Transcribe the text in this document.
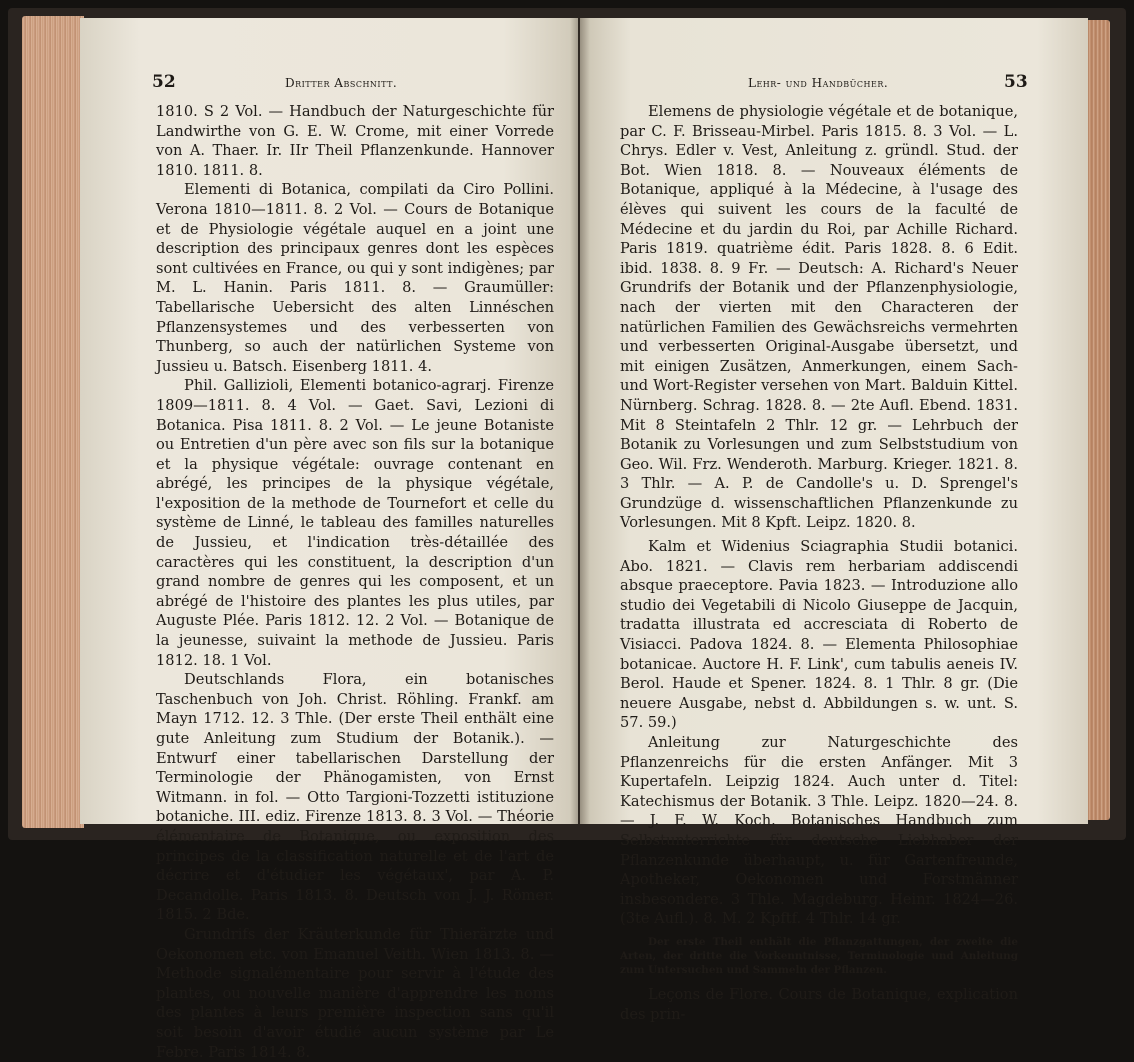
52	Dritter Abschnitt.

1810. S 2 Vol. — Handbuch der Naturgeschichte für Landwirthe von G. E. W. Crome, mit einer Vorrede von A. Thaer. Ir. IIr Theil Pflanzenkunde. Hannover 1810. 1811. 8.

Elementi di Botanica, compilati da Ciro Pollini. Verona 1810—1811. 8. 2 Vol. — Cours de Botanique et de Physiologie végétale auquel en a joint une description des principaux genres dont les espèces sont cultivées en France, ou qui y sont indigènes; par M. L. Hanin. Paris 1811. 8. — Graumüller: Tabellarische Uebersicht des alten Linnéschen Pflanzensystemes und des verbesserten von Thunberg, so auch der natürlichen Systeme von Jussieu u. Batsch. Eisenberg 1811. 4.

Phil. Gallizioli, Elementi botanico-agrarj. Firenze 1809—1811. 8. 4 Vol. — Gaet. Savi, Lezioni di Botanica. Pisa 1811. 8. 2 Vol. — Le jeune Botaniste ou Entretien d'un père avec son fils sur la botanique et la physique végétale: ouvrage contenant en abrégé, les principes de la physique végétale, l'exposition de la methode de Tournefort et celle du système de Linné, le tableau des familles naturelles de Jussieu, et l'indication très-détaillée des caractères qui les constituent, la description d'un grand nombre de genres qui les composent, et un abrégé de l'histoire des plantes les plus utiles, par Auguste Plée. Paris 1812. 12. 2 Vol. — Botanique de la jeunesse, suivaint la methode de Jussieu. Paris 1812. 18. 1 Vol.

Deutschlands Flora, ein botanisches Taschenbuch von Joh. Christ. Röhling. Frankf. am Mayn 1712. 12. 3 Thle. (Der erste Theil enthält eine gute Anleitung zum Studium der Botanik.). — Entwurf einer tabellarischen Darstellung der Terminologie der Phänogamisten, von Ernst Witmann. in fol. — Otto Targioni-Tozzetti istituzione botaniche. III. ediz. Firenze 1813. 8. 3 Vol. — Théorie élémentaire de Botanique, ou exposition des principes de la classification naturelle et de l'art de décrire et d'étudier les végétaux', par A. P. Decandolle. Paris 1813. 8. Deutsch von J. J. Römer. 1815. 2 Bde.

Grundrifs der Kräuterkunde für Thierärzte und Oekonomen etc. von Emanuel Veith. Wien 1813. 8. — Methode signalémentaire pour servir à l'étude des plantes, ou nouvelle manière d'apprendre les noms des plantes à leurs première inspection sans qu'il soit besoin d'avoir étudié aucun système par Le Febre. Paris 1814. 8.

Lehr- und Handbücher.	53

Elemens de physiologie végétale et de botanique, par C. F. Brisseau-Mirbel. Paris 1815. 8. 3 Vol. — L. Chrys. Edler v. Vest, Anleitung z. gründl. Stud. der Bot. Wien 1818. 8. — Nouveaux éléments de Botanique, appliqué à la Médecine, à l'usage des élèves qui suivent les cours de la faculté de Médecine et du jardin du Roi, par Achille Richard. Paris 1819. quatrième édit. Paris 1828. 8. 6 Edit. ibid. 1838. 8. 9 Fr. — Deutsch: A. Richard's Neuer Grundrifs der Botanik und der Pflanzenphysiologie, nach der vierten mit den Characteren der natürlichen Familien des Gewächsreichs vermehrten und verbesserten Original-Ausgabe übersetzt, und mit einigen Zusätzen, Anmerkungen, einem Sach- und Wort-Register versehen von Mart. Balduin Kittel. Nürnberg. Schrag. 1828. 8. — 2te Aufl. Ebend. 1831. Mit 8 Steintafeln 2 Thlr. 12 gr. — Lehrbuch der Botanik zu Vorlesungen und zum Selbststudium von Geo. Wil. Frz. Wenderoth. Marburg. Krieger. 1821. 8. 3 Thlr. — A. P. de Candolle's u. D. Sprengel's Grundzüge d. wissenschaftlichen Pflanzenkunde zu Vorlesungen. Mit 8 Kpft. Leipz. 1820. 8.

Kalm et Widenius Sciagraphia Studii botanici. Abo. 1821. — Clavis rem herbariam addiscendi absque praeceptore. Pavia 1823. — Introduzione allo studio dei Vegetabili di Nicolo Giuseppe de Jacquin, tradatta illustrata ed accresciata di Roberto de Visiacci. Padova 1824. 8. — Elementa Philosophiae botanicae. Auctore H. F. Link', cum tabulis aeneis IV. Berol. Haude et Spener. 1824. 8. 1 Thlr. 8 gr. (Die neuere Ausgabe, nebst d. Abbildungen s. w. unt. S. 57. 59.)

Anleitung zur Naturgeschichte des Pflanzenreichs für die ersten Anfänger. Mit 3 Kupertafeln. Leipzig 1824. Auch unter d. Titel: Katechismus der Botanik. 3 Thle. Leipz. 1820—24. 8. — J. F. W. Koch. Botanisches Handbuch zum Selbstunterrichte für deutsche Liebhaber der Pflanzenkunde überhaupt, u. für Gartenfreunde, Apotheker, Oekonomen und Forstmänner insbesondere. 3 Thle. Magdeburg. Heinr. 1824—26. (3te Aufl.). 8. M. 2 Kpftf. 4 Thlr. 14 gr.

Der erste Theil enthält die Pflanzgattungen, der zweite die Arten, der dritte die Vorkenntnisse, Terminologie und Anleitung zum Untersuchen und Sammeln der Pflanzen.

Leçons de Flore. Cours de Botanique, explication des prin-
